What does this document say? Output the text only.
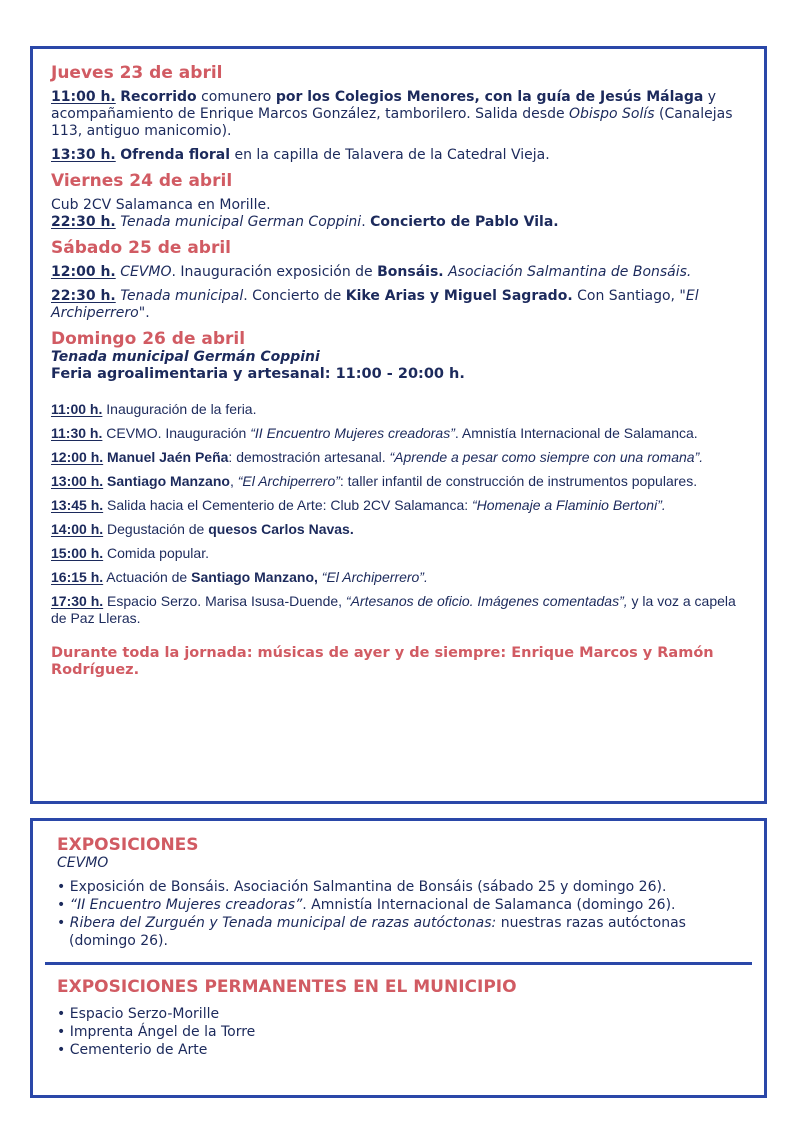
Jueves 23 de abril
11:00 h. Recorrido comunero por los Colegios Menores, con la guía de Jesús Málaga y acompañamiento de Enrique Marcos González, tamborilero. Salida desde Obispo Solís (Canalejas 113, antiguo manicomio).
13:30 h. Ofrenda floral en la capilla de Talavera de la Catedral Vieja.
Viernes 24 de abril
Cub 2CV Salamanca en Morille.
22:30 h. Tenada municipal German Coppini. Concierto de Pablo Vila.
Sábado 25 de abril
12:00 h. CEVMO. Inauguración exposición de Bonsáis. Asociación Salmantina de Bonsáis.
22:30 h. Tenada municipal. Concierto de Kike Arias y Miguel Sagrado. Con Santiago, "El Archiperrero".
Domingo 26 de abril
Tenada municipal Germán Coppini
Feria agroalimentaria y artesanal: 11:00 - 20:00 h.
11:00 h. Inauguración de la feria.
11:30 h. CEVMO. Inauguración “II Encuentro Mujeres creadoras”. Amnistía Internacional de Salamanca.
12:00 h. Manuel Jaén Peña: demostración artesanal. “Aprende a pesar como siempre con una romana”.
13:00 h. Santiago Manzano, “El Archiperrero”: taller infantil de construcción de instrumentos populares.
13:45 h. Salida hacia el Cementerio de Arte: Club 2CV Salamanca: “Homenaje a Flaminio Bertoni”.
14:00 h. Degustación de quesos Carlos Navas.
15:00 h. Comida popular.
16:15 h. Actuación de Santiago Manzano, “El Archiperrero”.
17:30 h. Espacio Serzo. Marisa Isusa-Duende, “Artesanos de oficio. Imágenes comentadas”, y la voz a capela de Paz Lleras.
Durante toda la jornada: músicas de ayer y de siempre: Enrique Marcos y Ramón Rodríguez.
EXPOSICIONES
CEVMO
• Exposición de Bonsáis. Asociación Salmantina de Bonsáis (sábado 25 y domingo 26).
• “II Encuentro Mujeres creadoras”. Amnistía Internacional de Salamanca (domingo 26).
• Ribera del Zurguén y Tenada municipal de razas autóctonas: nuestras razas autóctonas (domingo 26).
EXPOSICIONES PERMANENTES EN EL MUNICIPIO
• Espacio Serzo-Morille
• Imprenta Ángel de la Torre
• Cementerio de Arte
